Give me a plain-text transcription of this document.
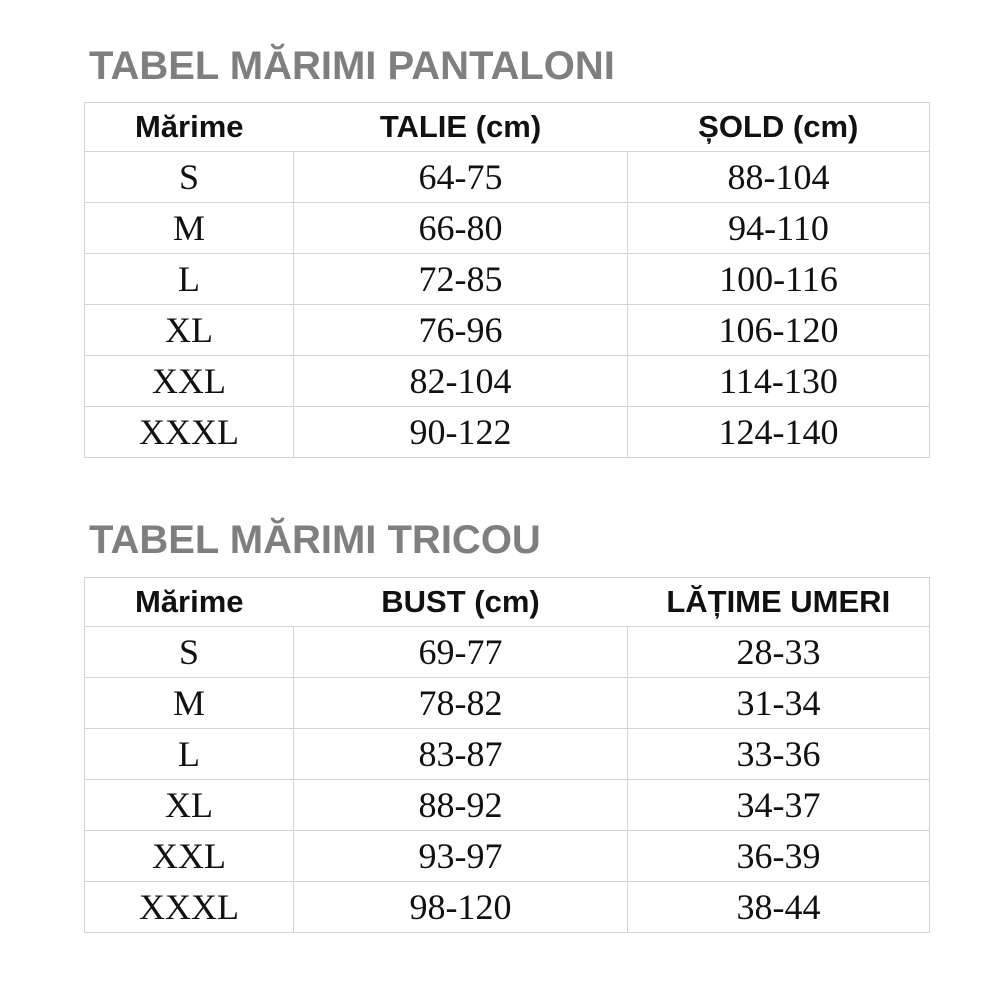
TABEL MĂRIMI PANTALONI
Mărime	TALIE (cm)	ȘOLD (cm)
S	64-75	88-104
M	66-80	94-110
L	72-85	100-116
XL	76-96	106-120
XXL	82-104	114-130
XXXL	90-122	124-140
TABEL MĂRIMI TRICOU
Mărime	BUST (cm)	LĂȚIME UMERI
S	69-77	28-33
M	78-82	31-34
L	83-87	33-36
XL	88-92	34-37
XXL	93-97	36-39
XXXL	98-120	38-44
